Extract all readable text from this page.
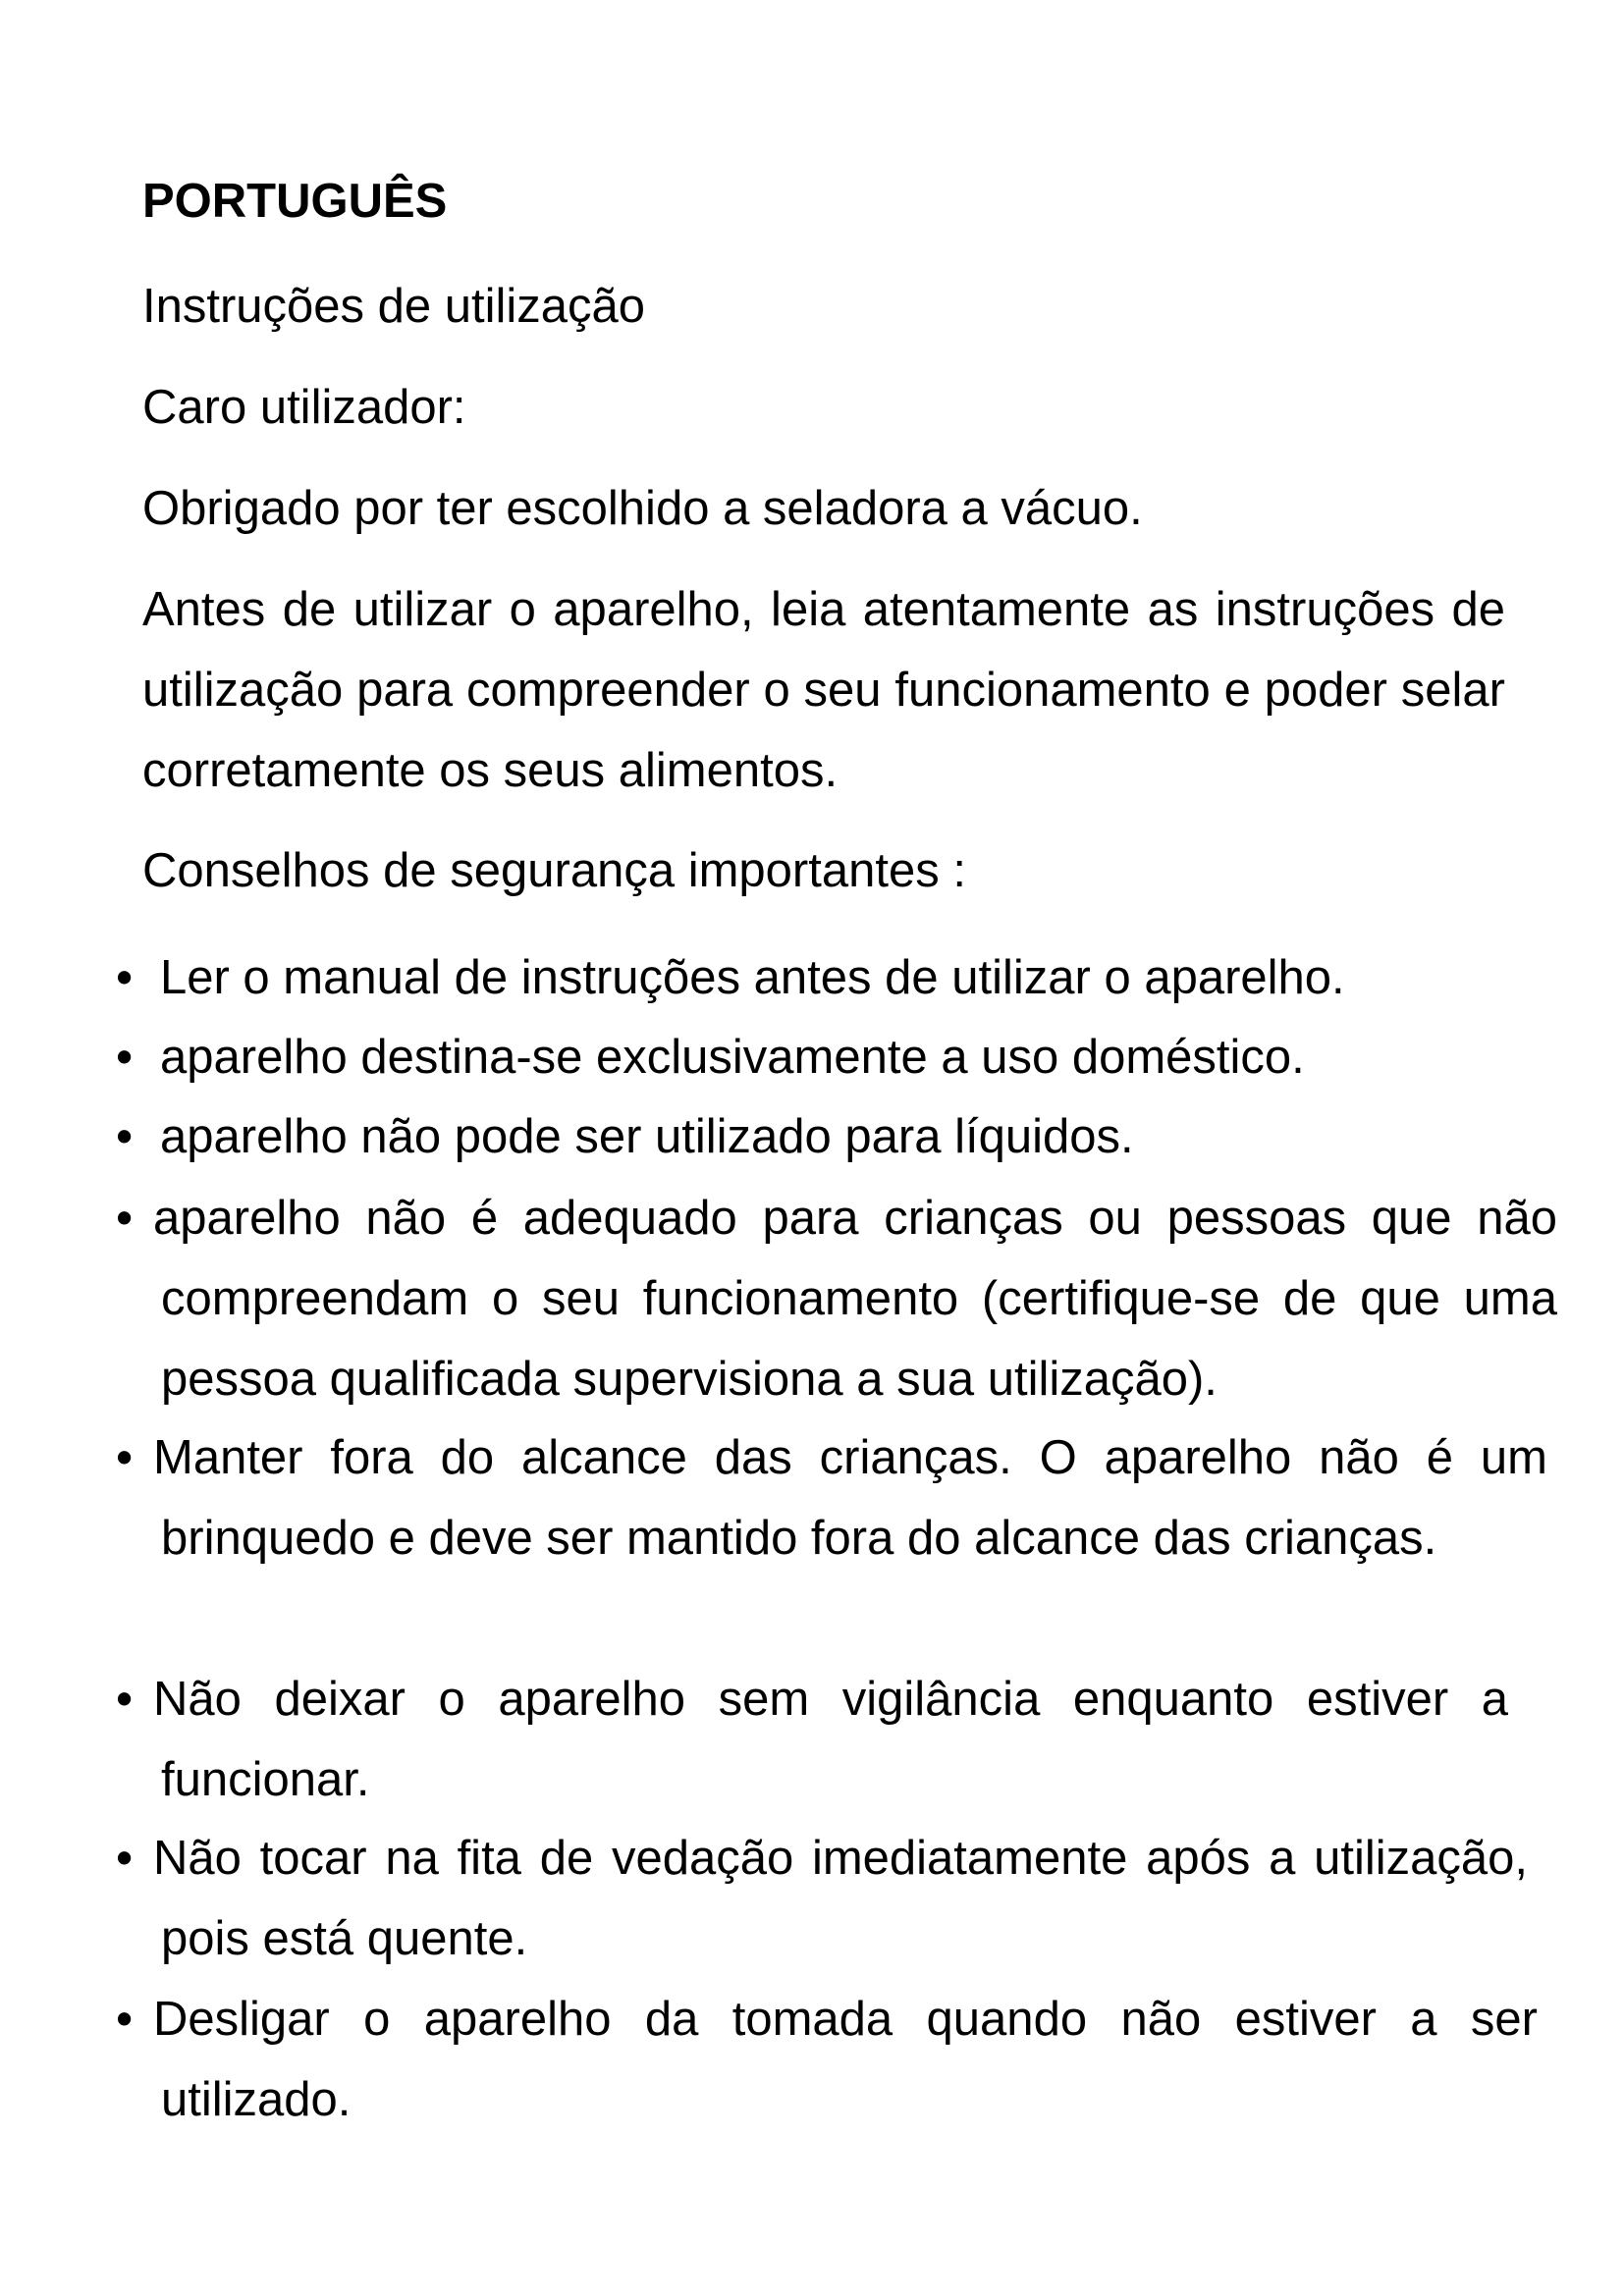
PORTUGUÊS

Instruções de utilização

Caro utilizador:

Obrigado por ter escolhido a seladora a vácuo.

Antes de utilizar o aparelho, leia atentamente as instruções de utilização para compreender o seu funcionamento e poder selar corretamente os seus alimentos.

Conselhos de segurança importantes :

• Ler o manual de instruções antes de utilizar o aparelho.
• aparelho destina-se exclusivamente a uso doméstico.
• aparelho não pode ser utilizado para líquidos.
• aparelho não é adequado para crianças ou pessoas que não compreendam o seu funcionamento (certifique-se de que uma pessoa qualificada supervisiona a sua utilização).
• Manter fora do alcance das crianças. O aparelho não é um brinquedo e deve ser mantido fora do alcance das crianças.
• Não deixar o aparelho sem vigilância enquanto estiver a funcionar.
• Não tocar na fita de vedação imediatamente após a utilização, pois está quente.
• Desligar o aparelho da tomada quando não estiver a ser utilizado.
